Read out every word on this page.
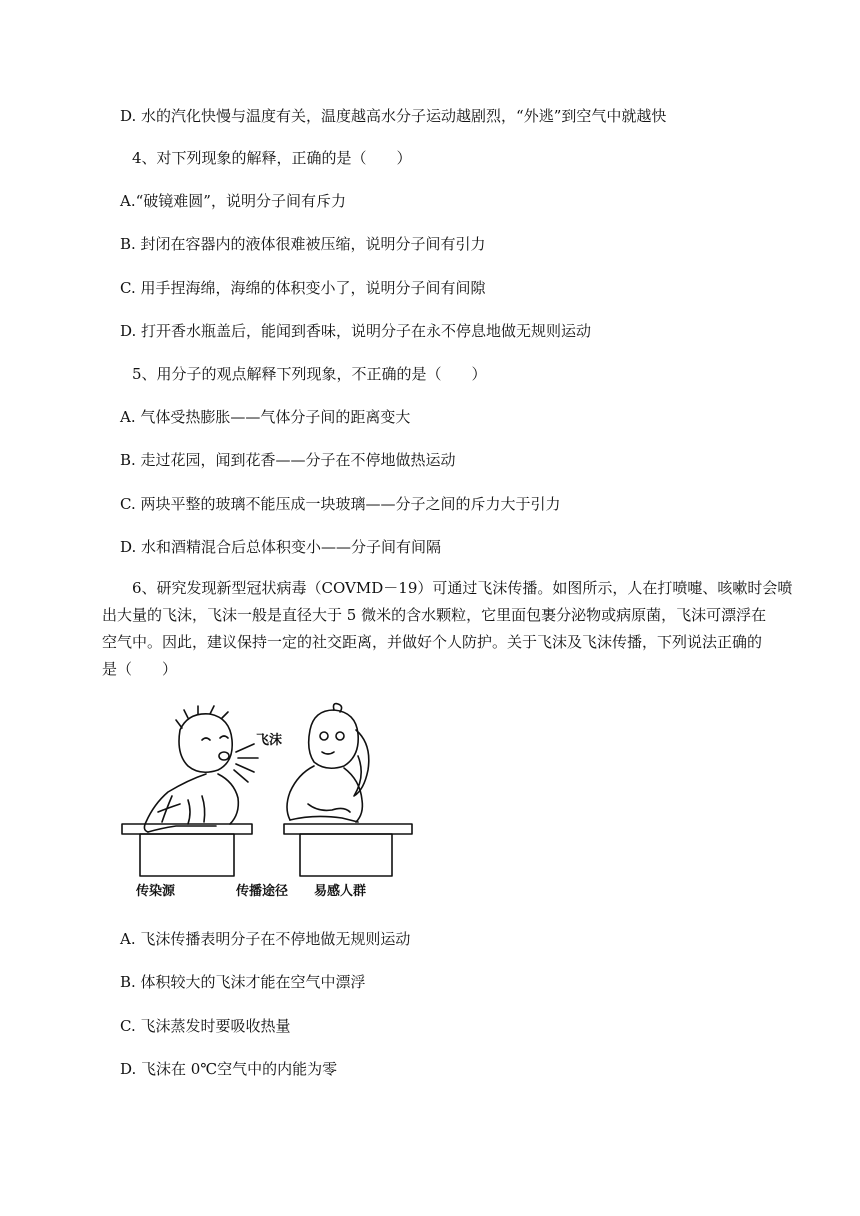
D. 水的汽化快慢与温度有关，温度越高水分子运动越剧烈，“外逃”到空气中就越快
4、对下列现象的解释，正确的是（　　）
A.“破镜难圆”，说明分子间有斥力
B. 封闭在容器内的液体很难被压缩，说明分子间有引力
C. 用手捏海绵，海绵的体积变小了，说明分子间有间隙
D. 打开香水瓶盖后，能闻到香味，说明分子在永不停息地做无规则运动
5、用分子的观点解释下列现象，不正确的是（　　）
A. 气体受热膨胀——气体分子间的距离变大
B. 走过花园，闻到花香——分子在不停地做热运动
C. 两块平整的玻璃不能压成一块玻璃——分子之间的斥力大于引力
D. 水和酒精混合后总体积变小——分子间有间隔
6、研究发现新型冠状病毒（COVMD－19）可通过飞沫传播。如图所示，人在打喷嚏、咳嗽时会喷
出大量的飞沫，飞沫一般是直径大于 5 微米的含水颗粒，它里面包裹分泌物或病原菌，飞沫可漂浮在
空气中。因此，建议保持一定的社交距离，并做好个人防护。关于飞沫及飞沫传播，下列说法正确的
是（　　）
飞沫
传染源	传播途径 易感人群
A. 飞沫传播表明分子在不停地做无规则运动
B. 体积较大的飞沫才能在空气中漂浮
C. 飞沫蒸发时要吸收热量
D. 飞沫在 0℃空气中的内能为零
